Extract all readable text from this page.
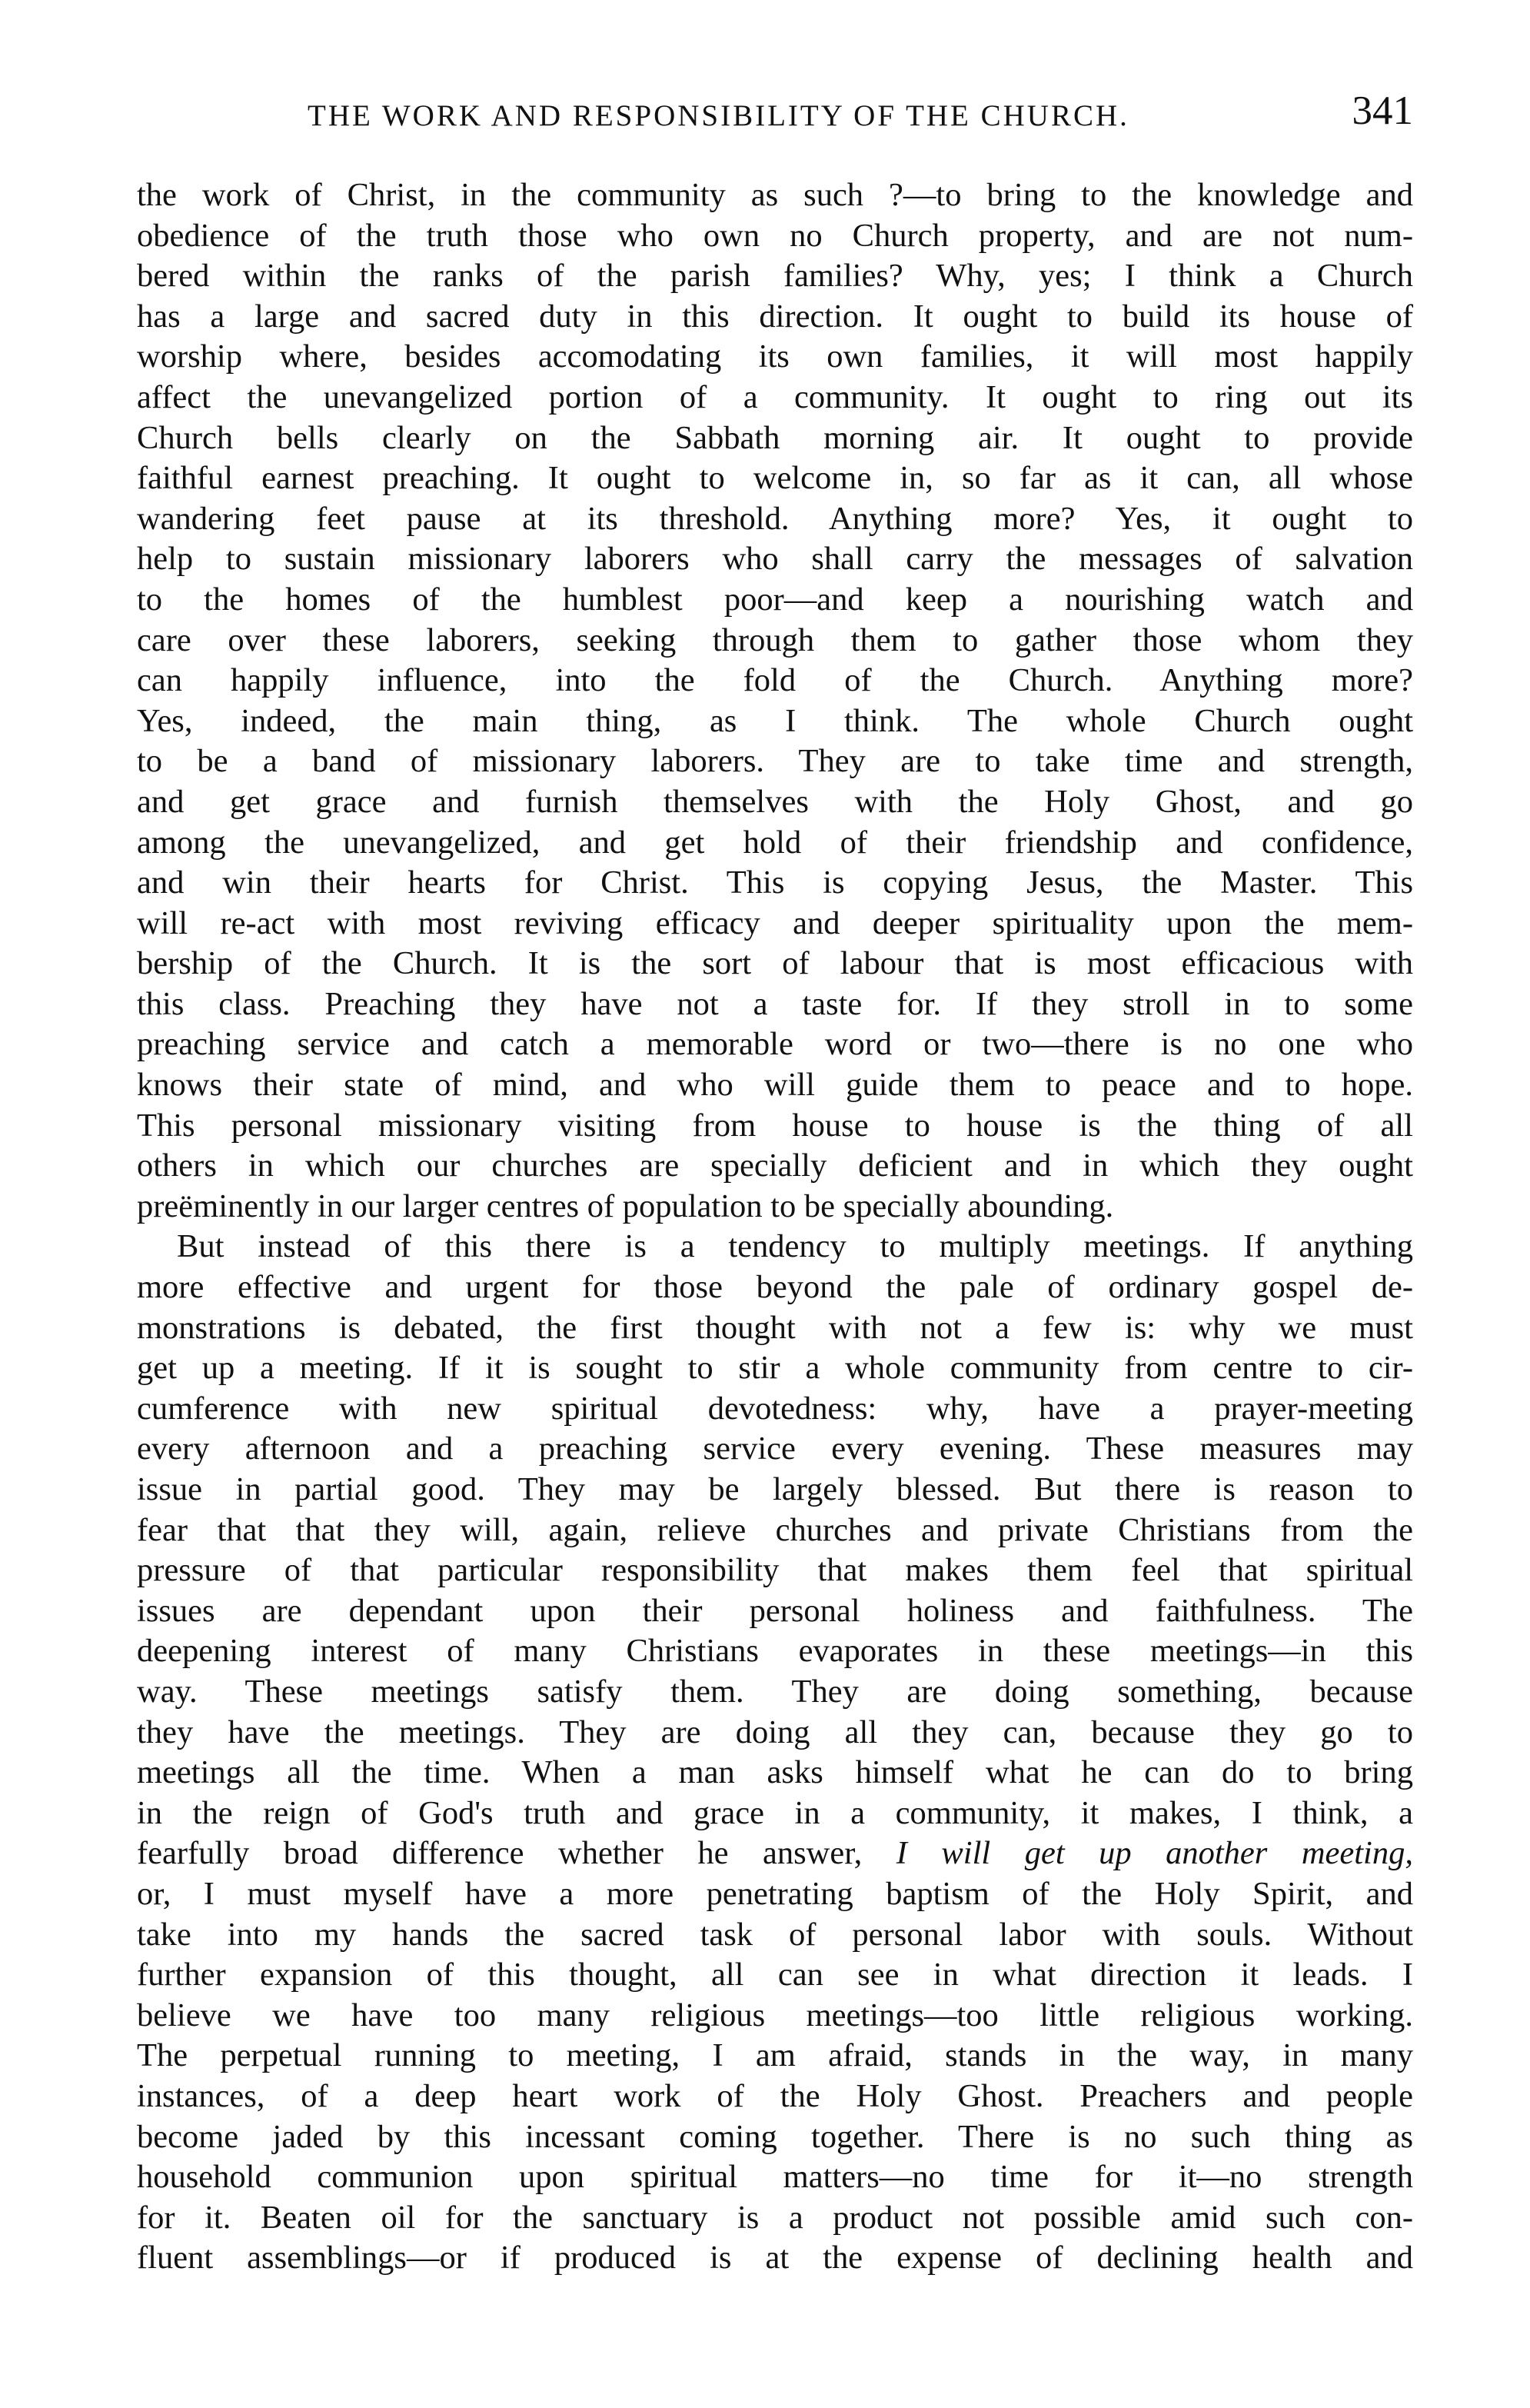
THE WORK AND RESPONSIBILITY OF THE CHURCH.	341
the work of Christ, in the community as such ?—to bring to the knowledge and
obedience of the truth those who own no Church property, and are not num-
bered within the ranks of the parish families? Why, yes; I think a Church
has a large and sacred duty in this direction. It ought to build its house of
worship where, besides accomodating its own families, it will most happily
affect the unevangelized portion of a community. It ought to ring out its
Church bells clearly on the Sabbath morning air. It ought to provide
faithful earnest preaching. It ought to welcome in, so far as it can, all whose
wandering feet pause at its threshold. Anything more? Yes, it ought to
help to sustain missionary laborers who shall carry the messages of salvation
to the homes of the humblest poor—and keep a nourishing watch and
care over these laborers, seeking through them to gather those whom they
can happily influence, into the fold of the Church. Anything more?
Yes, indeed, the main thing, as I think. The whole Church ought
to be a band of missionary laborers. They are to take time and strength,
and get grace and furnish themselves with the Holy Ghost, and go
among the unevangelized, and get hold of their friendship and confidence,
and win their hearts for Christ. This is copying Jesus, the Master. This
will re-act with most reviving efficacy and deeper spirituality upon the mem-
bership of the Church. It is the sort of labour that is most efficacious with
this class. Preaching they have not a taste for. If they stroll in to some
preaching service and catch a memorable word or two—there is no one who
knows their state of mind, and who will guide them to peace and to hope.
This personal missionary visiting from house to house is the thing of all
others in which our churches are specially deficient and in which they ought
preëminently in our larger centres of population to be specially abounding.
But instead of this there is a tendency to multiply meetings. If anything
more effective and urgent for those beyond the pale of ordinary gospel de-
monstrations is debated, the first thought with not a few is: why we must
get up a meeting. If it is sought to stir a whole community from centre to cir-
cumference with new spiritual devotedness: why, have a prayer-meeting
every afternoon and a preaching service every evening. These measures may
issue in partial good. They may be largely blessed. But there is reason to
fear that that they will, again, relieve churches and private Christians from the
pressure of that particular responsibility that makes them feel that spiritual
issues are dependant upon their personal holiness and faithfulness. The
deepening interest of many Christians evaporates in these meetings—in this
way. These meetings satisfy them. They are doing something, because
they have the meetings. They are doing all they can, because they go to
meetings all the time. When a man asks himself what he can do to bring
in the reign of God's truth and grace in a community, it makes, I think, a
fearfully broad difference whether he answer, I will get up another meeting,
or, I must myself have a more penetrating baptism of the Holy Spirit, and
take into my hands the sacred task of personal labor with souls. Without
further expansion of this thought, all can see in what direction it leads. I
believe we have too many religious meetings—too little religious working.
The perpetual running to meeting, I am afraid, stands in the way, in many
instances, of a deep heart work of the Holy Ghost. Preachers and people
become jaded by this incessant coming together. There is no such thing as
household communion upon spiritual matters—no time for it—no strength
for it. Beaten oil for the sanctuary is a product not possible amid such con-
fluent assemblings—or if produced is at the expense of declining health and
